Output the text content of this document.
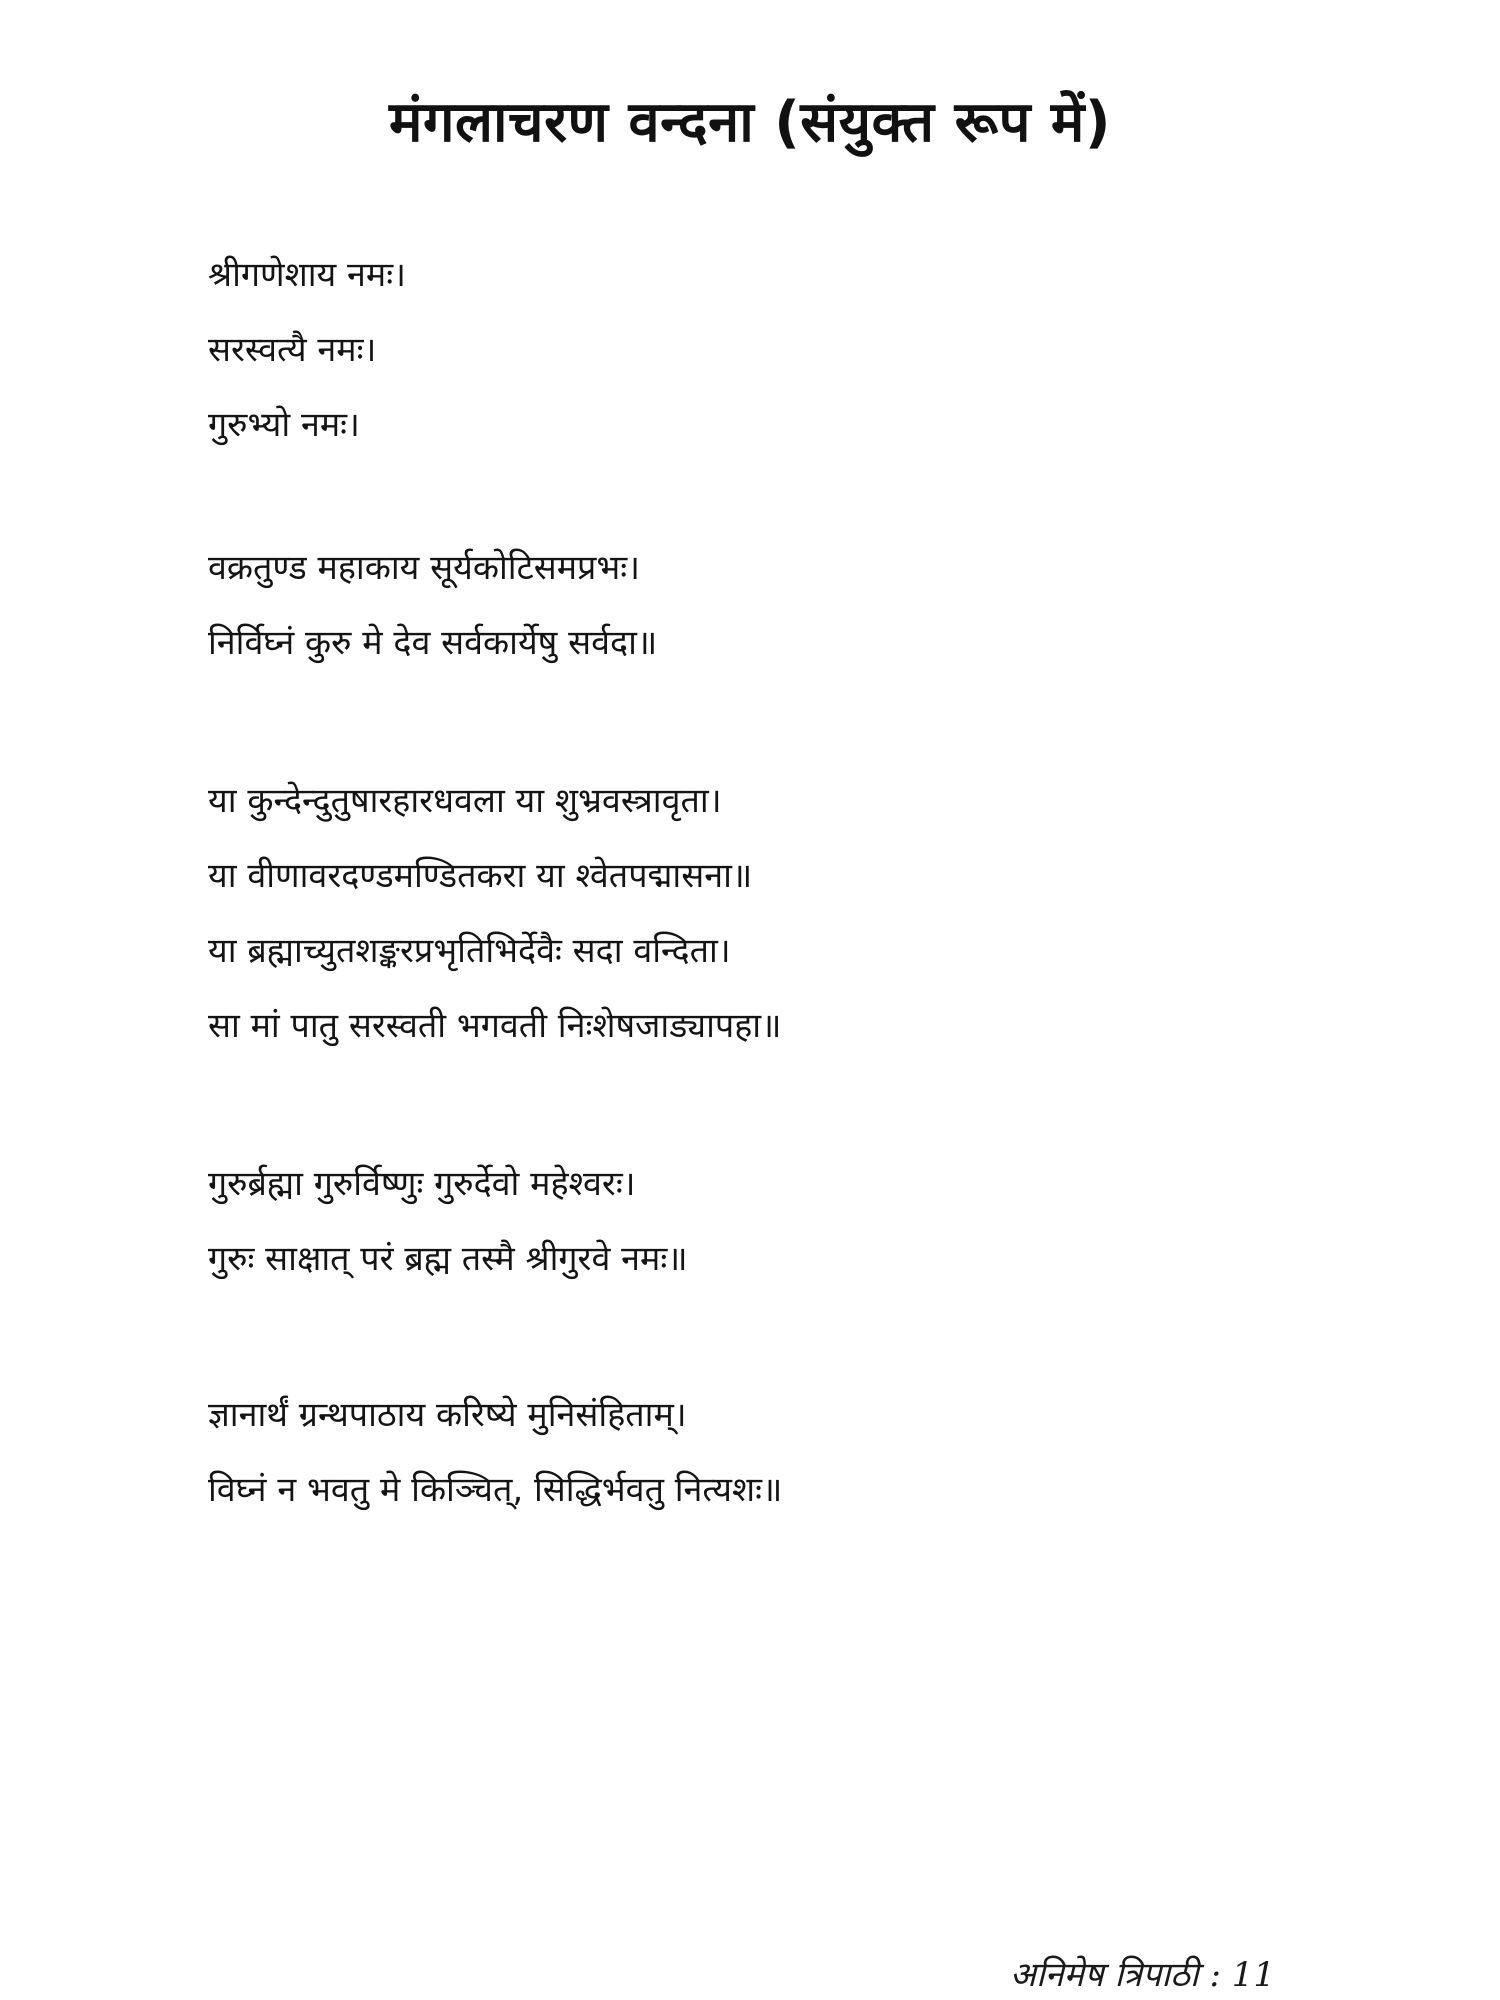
मंगलाचरण वन्दना (संयुक्त रूप में)
श्रीगणेशाय नमः।
सरस्वत्यै नमः।
गुरुभ्यो नमः।
वक्रतुण्ड महाकाय सूर्यकोटिसमप्रभः।
निर्विघ्नं कुरु मे देव सर्वकार्येषु सर्वदा॥
या कुन्देन्दुतुषारहारधवला या शुभ्रवस्त्रावृता।
या वीणावरदण्डमण्डितकरा या श्वेतपद्मासना॥
या ब्रह्माच्युतशङ्करप्रभृतिभिर्देवैः सदा वन्दिता।
सा मां पातु सरस्वती भगवती निःशेषजाड्यापहा॥
गुरुर्ब्रह्मा गुरुर्विष्णुः गुरुर्देवो महेश्वरः।
गुरुः साक्षात् परं ब्रह्म तस्मै श्रीगुरवे नमः॥
ज्ञानार्थं ग्रन्थपाठाय करिष्ये मुनिसंहिताम्।
विघ्नं न भवतु मे किञ्चित्, सिद्धिर्भवतु नित्यशः॥
अनिमेष त्रिपाठी : 11
